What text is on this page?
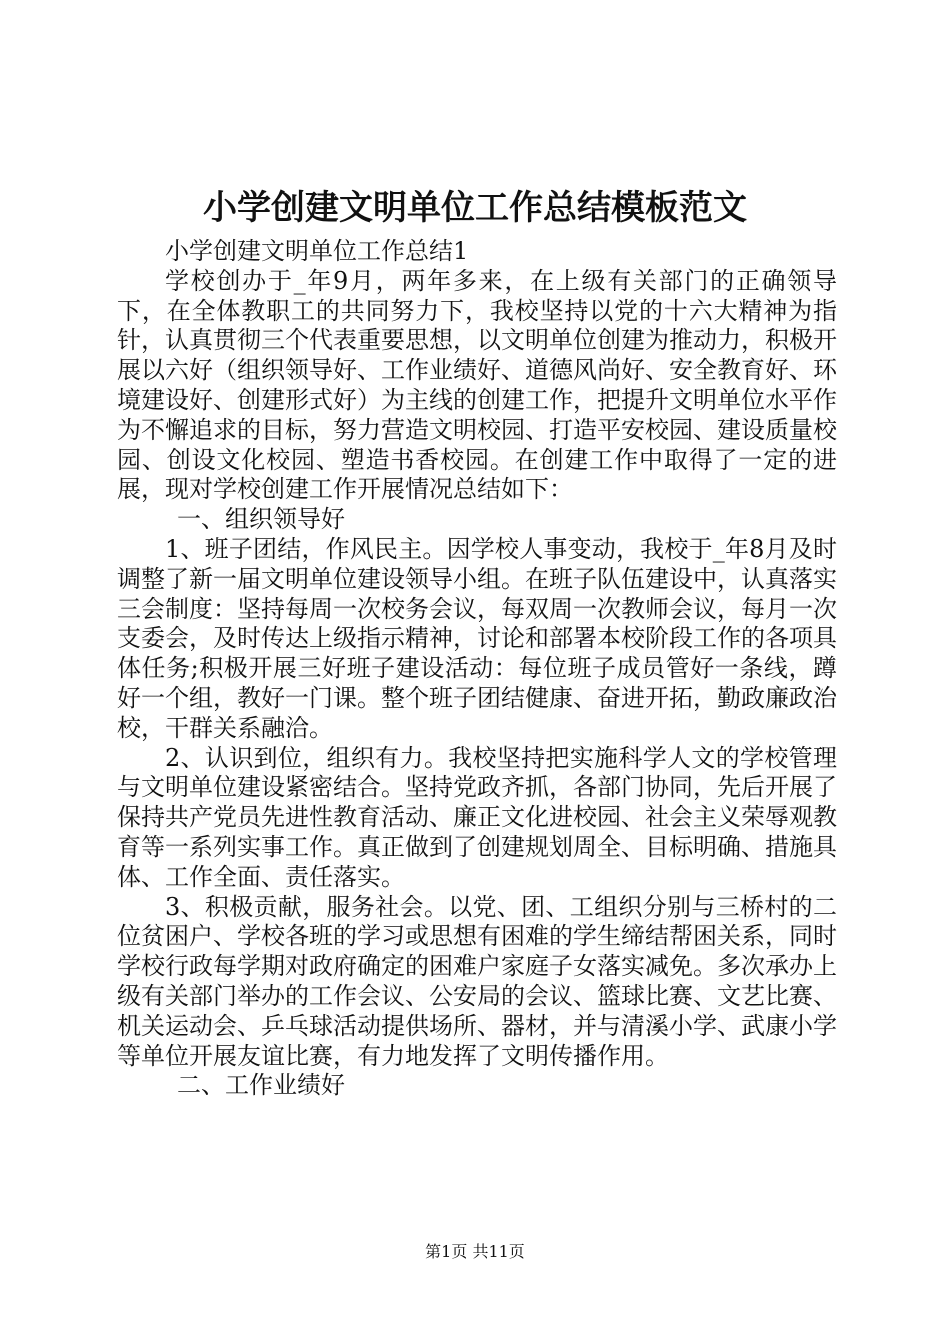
小学创建文明单位工作总结模板范文

小学创建文明单位工作总结1

学校创办于_年9月，两年多来，在上级有关部门的正确领导下，在全体教职工的共同努力下，我校坚持以党的十六大精神为指针，认真贯彻三个代表重要思想，以文明单位创建为推动力，积极开展以六好（组织领导好、工作业绩好、道德风尚好、安全教育好、环境建设好、创建形式好）为主线的创建工作，把提升文明单位水平作为不懈追求的目标，努力营造文明校园、打造平安校园、建设质量校园、创设文化校园、塑造书香校园。在创建工作中取得了一定的进展，现对学校创建工作开展情况总结如下：

一、组织领导好

1、班子团结，作风民主。因学校人事变动，我校于_年8月及时调整了新一届文明单位建设领导小组。在班子队伍建设中，认真落实三会制度：坚持每周一次校务会议，每双周一次教师会议，每月一次支委会，及时传达上级指示精神，讨论和部署本校阶段工作的各项具体任务;积极开展三好班子建设活动：每位班子成员管好一条线，蹲好一个组，教好一门课。整个班子团结健康、奋进开拓，勤政廉政治校，干群关系融洽。

2、认识到位，组织有力。我校坚持把实施科学人文的学校管理与文明单位建设紧密结合。坚持党政齐抓，各部门协同，先后开展了保持共产党员先进性教育活动、廉正文化进校园、社会主义荣辱观教育等一系列实事工作。真正做到了创建规划周全、目标明确、措施具体、工作全面、责任落实。

3、积极贡献，服务社会。以党、团、工组织分别与三桥村的二位贫困户、学校各班的学习或思想有困难的学生缔结帮困关系，同时学校行政每学期对政府确定的困难户家庭子女落实减免。多次承办上级有关部门举办的工作会议、公安局的会议、篮球比赛、文艺比赛、机关运动会、乒乓球活动提供场所、器材，并与清溪小学、武康小学等单位开展友谊比赛，有力地发挥了文明传播作用。

二、工作业绩好

第1页 共11页
